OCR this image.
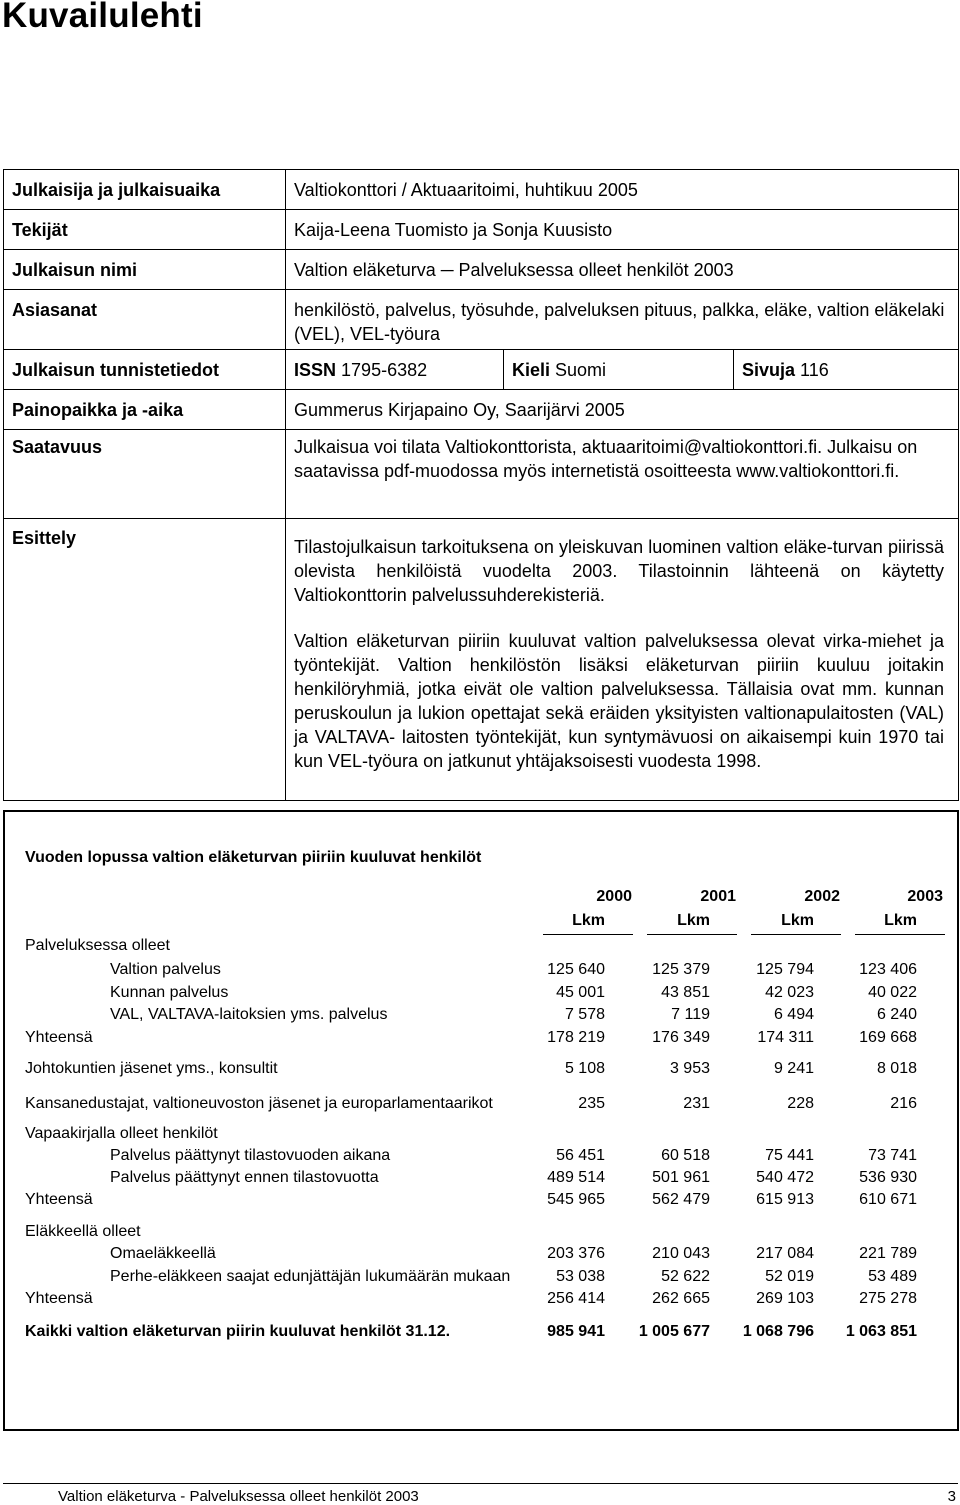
Kuvailulehti
Julkaisija ja julkaisuaika	Valtiokonttori / Aktuaaritoimi, huhtikuu 2005		
Tekijät	Kaija-Leena Tuomisto ja Sonja Kuusisto		
Julkaisun nimi	Valtion eläketurva ─ Palveluksessa olleet henkilöt 2003		
Asiasanat	henkilöstö, palvelus, työsuhde, palveluksen pituus, palkka, eläke, valtion eläkelaki (VEL), VEL-työura		
Julkaisun tunnistetiedot	ISSN 1795-6382	Kieli Suomi	Sivuja 116
Painopaikka ja -aika	Gummerus Kirjapaino Oy, Saarijärvi 2005		
Saatavuus	Julkaisua voi tilata Valtiokonttorista, aktuaaritoimi@valtiokonttori.fi. Julkaisu on saatavissa pdf-muodossa myös internetistä osoitteesta www.valtiokonttori.fi.		
Esittely	Tilastojulkaisun tarkoituksena on yleiskuvan luominen valtion eläke-turvan piirissä olevista henkilöistä vuodelta 2003. Tilastoinnin lähteenä on käytetty Valtiokonttorin palvelussuhderekisteriä.

Valtion eläketurvan piiriin kuuluvat valtion palveluksessa olevat virka-miehet ja työntekijät. Valtion henkilöstön lisäksi eläketurvan piiriin kuuluu joitakin henkilöryhmiä, jotka eivät ole valtion palveluksessa. Tällaisia ovat mm. kunnan peruskoulun ja lukion opettajat sekä eräiden yksityisten valtionapulaitosten (VAL) ja VALTAVA- laitosten työntekijät, kun syntymävuosi on aikaisempi kuin 1970 tai kun VEL-työura on jatkunut yhtäjaksoisesti vuodesta 1998.		

Vuoden lopussa valtion eläketurvan piiriin kuuluvat henkilöt
2000	2001	2002	2003
Lkm	Lkm	Lkm	Lkm
Palveluksessa olleet
Valtion palvelus	125 640	125 379	125 794	123 406
Kunnan palvelus	45 001	43 851	42 023	40 022
VAL, VALTAVA-laitoksien yms. palvelus	7 578	7 119	6 494	6 240
Yhteensä	178 219	176 349	174 311	169 668
Johtokuntien jäsenet yms., konsultit	5 108	3 953	9 241	8 018
Kansanedustajat, valtioneuvoston jäsenet ja europarlamentaarikot	235	231	228	216
Vapaakirjalla olleet henkilöt
Palvelus päättynyt tilastovuoden aikana	56 451	60 518	75 441	73 741
Palvelus päättynyt ennen tilastovuotta	489 514	501 961	540 472	536 930
Yhteensä	545 965	562 479	615 913	610 671
Eläkkeellä olleet
Omaeläkkeellä	203 376	210 043	217 084	221 789
Perhe-eläkkeen saajat edunjättäjän lukumäärän mukaan	53 038	52 622	52 019	53 489
Yhteensä	256 414	262 665	269 103	275 278
Kaikki valtion eläketurvan piirin kuuluvat henkilöt 31.12.	985 941	1 005 677	1 068 796	1 063 851
Valtion eläketurva - Palveluksessa olleet henkilöt 2003	3
